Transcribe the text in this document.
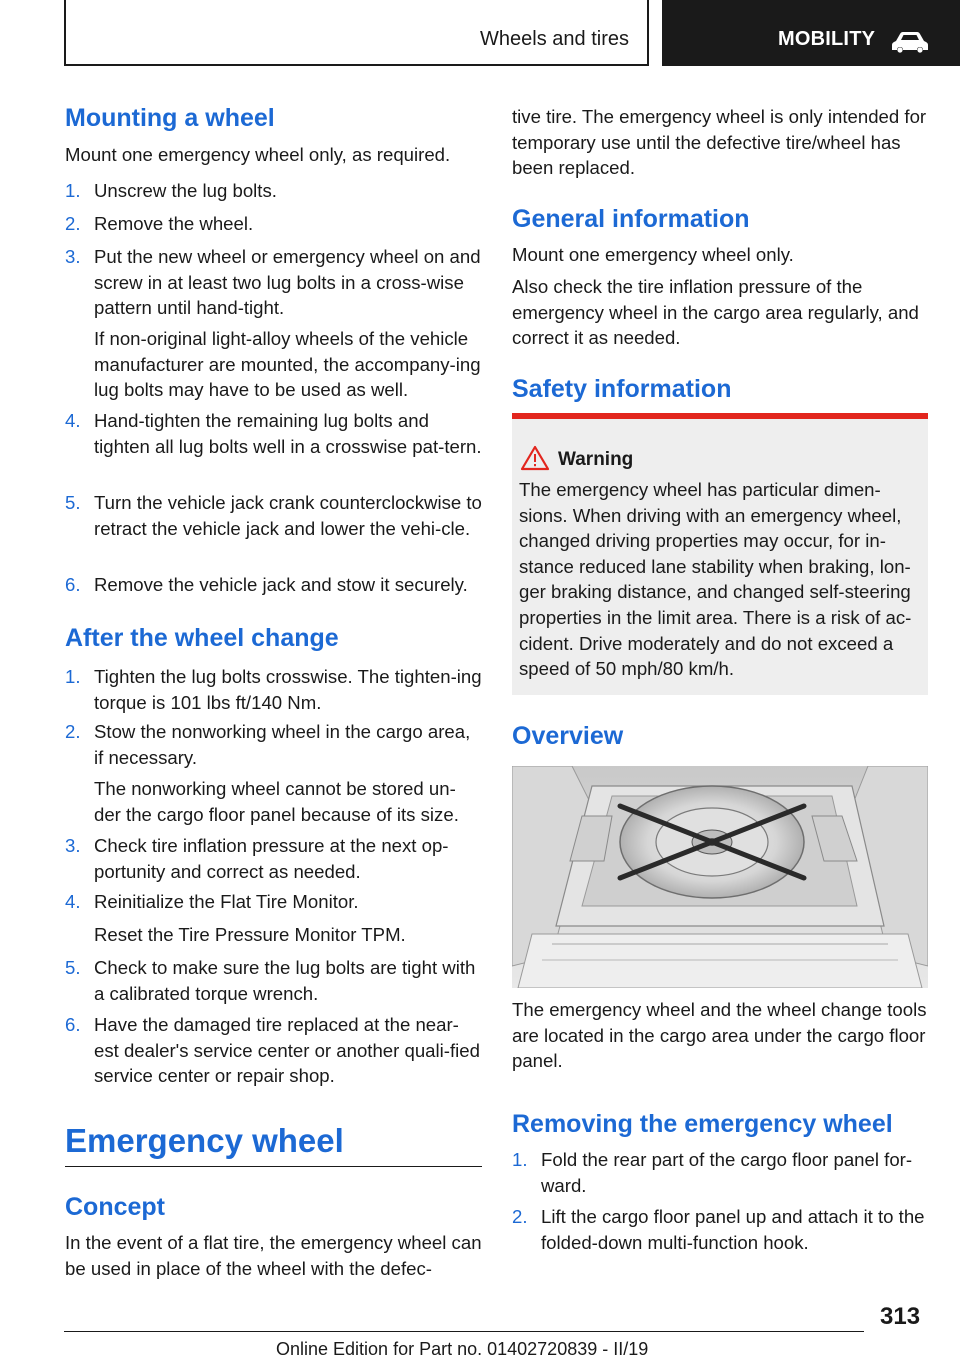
Wheels and tires	MOBILITY
Mounting a wheel
Mount one emergency wheel only, as required.
1. Unscrew the lug bolts.
2. Remove the wheel.
3. Put the new wheel or emergency wheel on and screw in at least two lug bolts in a cross-wise pattern until hand-tight.
If non-original light-alloy wheels of the vehicle manufacturer are mounted, the accompany-ing lug bolts may have to be used as well.
4. Hand-tighten the remaining lug bolts and tighten all lug bolts well in a crosswise pat-tern.
5. Turn the vehicle jack crank counterclockwise to retract the vehicle jack and lower the vehi-cle.
6. Remove the vehicle jack and stow it securely.
After the wheel change
1. Tighten the lug bolts crosswise. The tighten-ing torque is 101 lbs ft/140 Nm.
2. Stow the nonworking wheel in the cargo area, if necessary.
The nonworking wheel cannot be stored un-der the cargo floor panel because of its size.
3. Check tire inflation pressure at the next op-portunity and correct as needed.
4. Reinitialize the Flat Tire Monitor.
Reset the Tire Pressure Monitor TPM.
5. Check to make sure the lug bolts are tight with a calibrated torque wrench.
6. Have the damaged tire replaced at the near-est dealer's service center or another quali-fied service center or repair shop.
Emergency wheel
Concept
In the event of a flat tire, the emergency wheel can be used in place of the wheel with the defec-
tive tire. The emergency wheel is only intended for temporary use until the defective tire/wheel has been replaced.
General information
Mount one emergency wheel only.
Also check the tire inflation pressure of the emergency wheel in the cargo area regularly, and correct it as needed.
Safety information
Warning
The emergency wheel has particular dimen-sions. When driving with an emergency wheel, changed driving properties may occur, for in-stance reduced lane stability when braking, lon-ger braking distance, and changed self-steering properties in the limit area. There is a risk of ac-cident. Drive moderately and do not exceed a speed of 50 mph/80 km/h.
Overview
The emergency wheel and the wheel change tools are located in the cargo area under the cargo floor panel.
Removing the emergency wheel
1. Fold the rear part of the cargo floor panel for-ward.
2. Lift the cargo floor panel up and attach it to the folded-down multi-function hook.
313
Online Edition for Part no. 01402720839 - II/19
